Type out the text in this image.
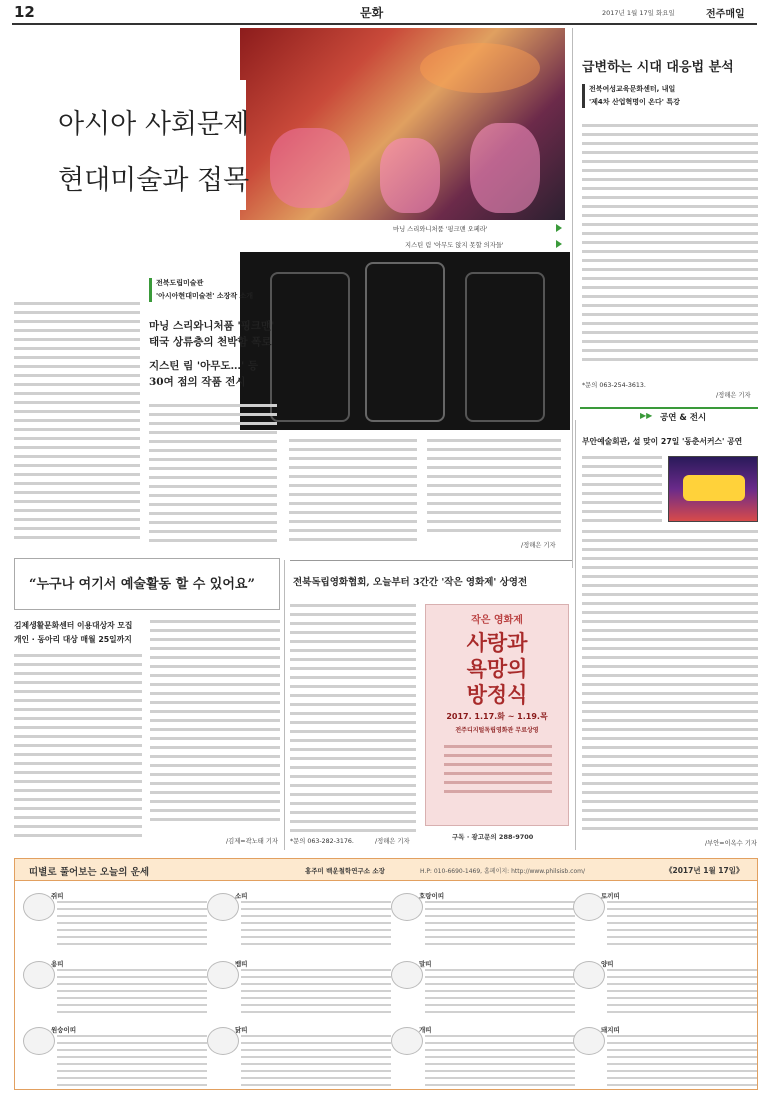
12	문화	2017년 1월 17일 화요일	전주매일
아시아 사회문제
현대미술과 접목
마닝 스리와니처품 '핑크맨 오페라'
지스틴 림 '아무도 앉지 못할 의자들'
전북도립미술관
'아시아현대미술전' 소장작 소개
마닝 스리와니처품 '핑크맨'
태국 상류층의 천박함 폭로
지스틴 림 '아무도…' 등
30여 점의 작품 전시
/정해은 기자
급변하는 시대 대응법 분석
전북여성교육문화센터, 내일
'제4차 산업혁명이 온다' 특강
*문의 063-254-3613.
/정해은 기자
▶▶ 공연 & 전시
부안예술회관, 설 맞이 27일 '동춘서커스' 공연
/부안=이옥수 기자
전북독립영화협회, 오늘부터 3간간 '작은 영화제' 상영전
*문의 063-282-3176.	/정해은 기자
작은 영화제
사랑과
욕망의
방정식
2017. 1.17.화 ~ 1.19.목
전주디지털독립영화관 무료상영
구독 · 광고문의 288-9700
“누구나 여기서 예술활동 할 수 있어요”
김제생활문화센터 이용대상자 모집
개인 · 동아리 대상 매월 25일까지
/김제=곽노태 기자
띠별로 풀어보는 오늘의 운세	홍주미 백운철학연구소 소장	H.P: 010-6690-1469, 홈페이지: http://www.philsisb.com/	《2017년 1월 17일》
쥐띠	소띠	호랑이띠	토끼띠
용띠	뱀띠	말띠	양띠
원숭이띠	닭띠	개띠	돼지띠
